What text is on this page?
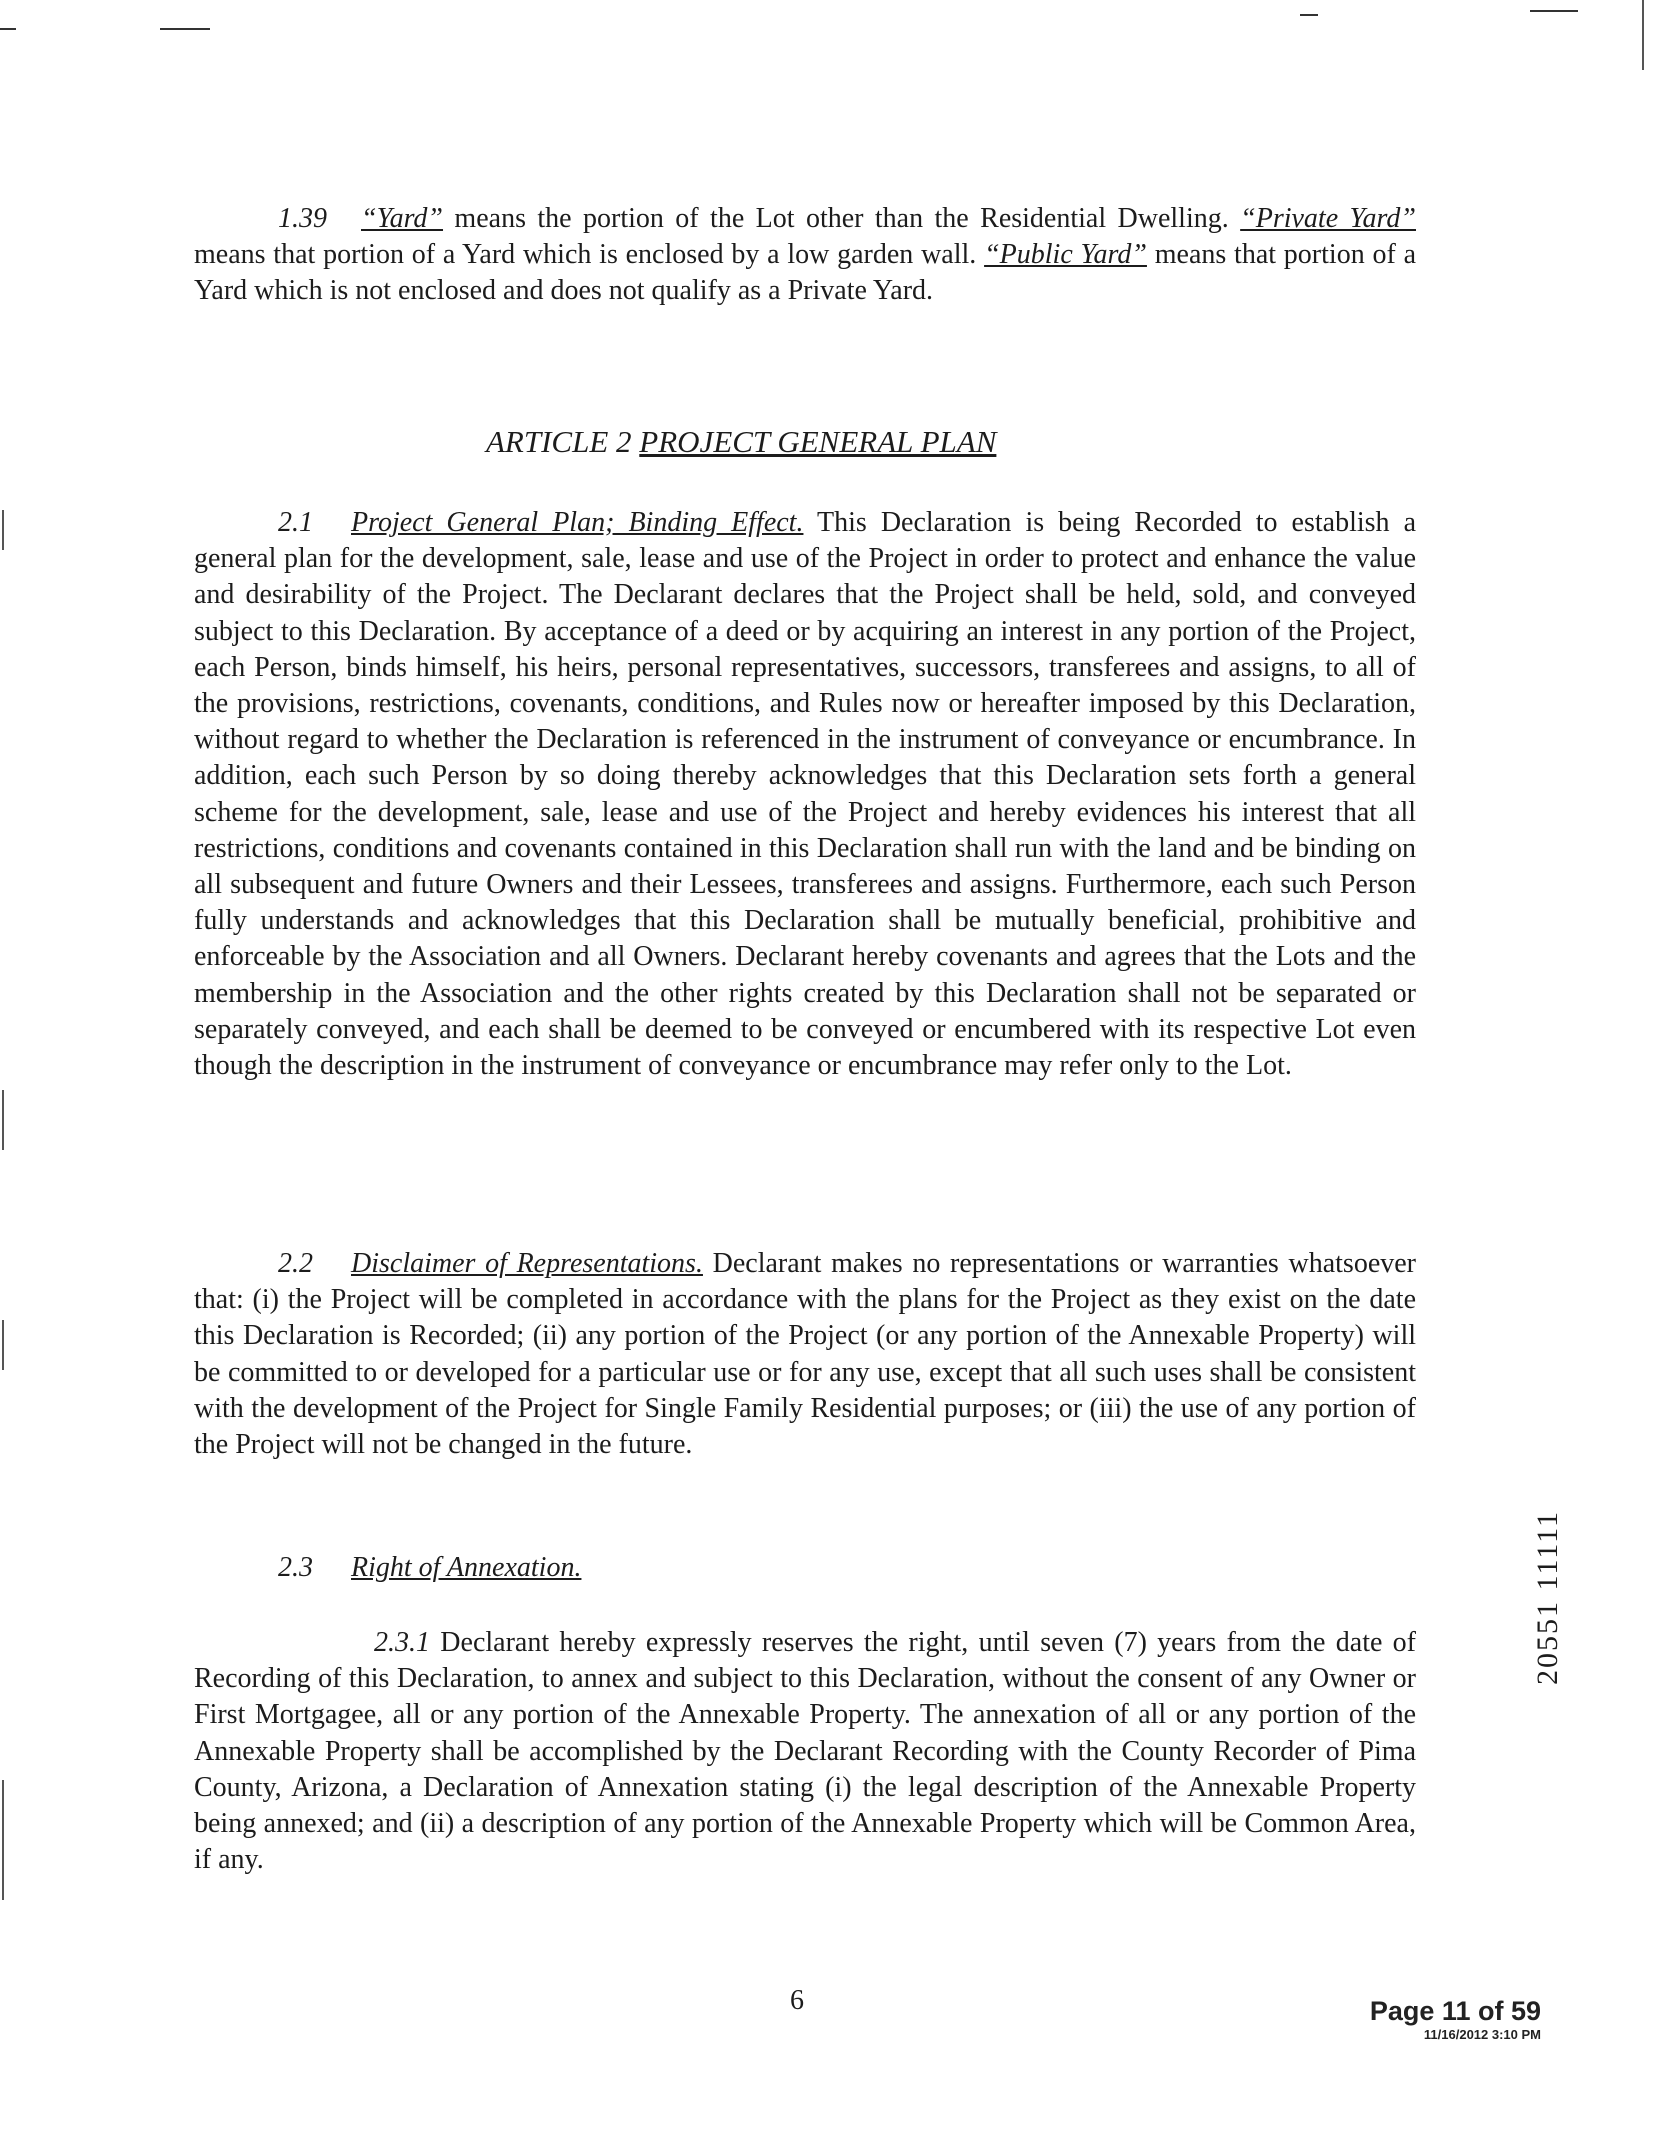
1.39 “Yard” means the portion of the Lot other than the Residential Dwelling. “Private Yard” means that portion of a Yard which is enclosed by a low garden wall. “Public Yard” means that portion of a Yard which is not enclosed and does not qualify as a Private Yard.
ARTICLE 2 PROJECT GENERAL PLAN
2.1 Project General Plan; Binding Effect. This Declaration is being Recorded to establish a general plan for the development, sale, lease and use of the Project in order to protect and enhance the value and desirability of the Project. The Declarant declares that the Project shall be held, sold, and conveyed subject to this Declaration. By acceptance of a deed or by acquiring an interest in any portion of the Project, each Person, binds himself, his heirs, personal representatives, successors, transferees and assigns, to all of the provisions, restrictions, covenants, conditions, and Rules now or hereafter imposed by this Declaration, without regard to whether the Declaration is referenced in the instrument of conveyance or encumbrance. In addition, each such Person by so doing thereby acknowledges that this Declaration sets forth a general scheme for the development, sale, lease and use of the Project and hereby evidences his interest that all restrictions, conditions and covenants contained in this Declaration shall run with the land and be binding on all subsequent and future Owners and their Lessees, transferees and assigns. Furthermore, each such Person fully understands and acknowledges that this Declaration shall be mutually beneficial, prohibitive and enforceable by the Association and all Owners. Declarant hereby covenants and agrees that the Lots and the membership in the Association and the other rights created by this Declaration shall not be separated or separately conveyed, and each shall be deemed to be conveyed or encumbered with its respective Lot even though the description in the instrument of conveyance or encumbrance may refer only to the Lot.
2.2 Disclaimer of Representations. Declarant makes no representations or warranties whatsoever that: (i) the Project will be completed in accordance with the plans for the Project as they exist on the date this Declaration is Recorded; (ii) any portion of the Project (or any portion of the Annexable Property) will be committed to or developed for a particular use or for any use, except that all such uses shall be consistent with the development of the Project for Single Family Residential purposes; or (iii) the use of any portion of the Project will not be changed in the future.
2.3 Right of Annexation.
2.3.1 Declarant hereby expressly reserves the right, until seven (7) years from the date of Recording of this Declaration, to annex and subject to this Declaration, without the consent of any Owner or First Mortgagee, all or any portion of the Annexable Property. The annexation of all or any portion of the Annexable Property shall be accomplished by the Declarant Recording with the County Recorder of Pima County, Arizona, a Declaration of Annexation stating (i) the legal description of the Annexable Property being annexed; and (ii) a description of any portion of the Annexable Property which will be Common Area, if any.
20551 11111
6	Page 11 of 59
11/16/2012 3:10 PM
